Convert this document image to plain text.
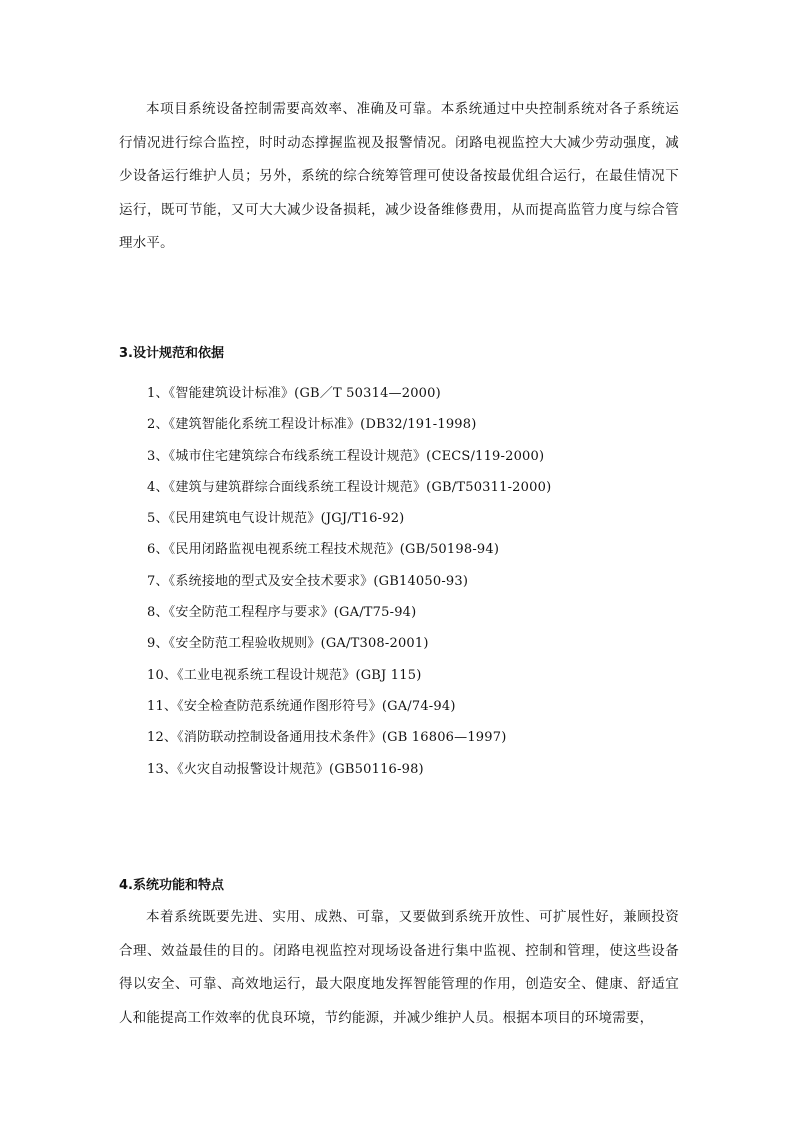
本项目系统设备控制需要高效率、准确及可靠。本系统通过中央控制系统对各子系统运行情况进行综合监控，时时动态撑握监视及报警情况。闭路电视监控大大减少劳动强度，减少设备运行维护人员；另外，系统的综合统筹管理可使设备按最优组合运行，在最佳情况下运行，既可节能，又可大大减少设备损耗，减少设备维修费用，从而提高监管力度与综合管理水平。

3.设计规范和依据
1、《智能建筑设计标准》(GB／T 50314—2000)
2、《建筑智能化系统工程设计标准》(DB32/191-1998)
3、《城市住宅建筑综合布线系统工程设计规范》(CECS/119-2000)
4、《建筑与建筑群综合面线系统工程设计规范》(GB/T50311-2000)
5、《民用建筑电气设计规范》(JGJ/T16-92)
6、《民用闭路监视电视系统工程技术规范》(GB/50198-94)
7、《系统接地的型式及安全技术要求》(GB14050-93)
8、《安全防范工程程序与要求》(GA/T75-94)
9、《安全防范工程验收规则》(GA/T308-2001)
10、《工业电视系统工程设计规范》(GBJ 115)
11、《安全检查防范系统通作图形符号》(GA/74-94)
12、《消防联动控制设备通用技术条件》(GB 16806—1997)
13、《火灾自动报警设计规范》(GB50116-98)
4.系统功能和特点

本着系统既要先进、实用、成熟、可靠，又要做到系统开放性、可扩展性好，兼顾投资合理、效益最佳的目的。闭路电视监控对现场设备进行集中监视、控制和管理，使这些设备得以安全、可靠、高效地运行，最大限度地发挥智能管理的作用，创造安全、健康、舒适宜人和能提高工作效率的优良环境，节约能源，并减少维护人员。根据本项目的环境需要，
